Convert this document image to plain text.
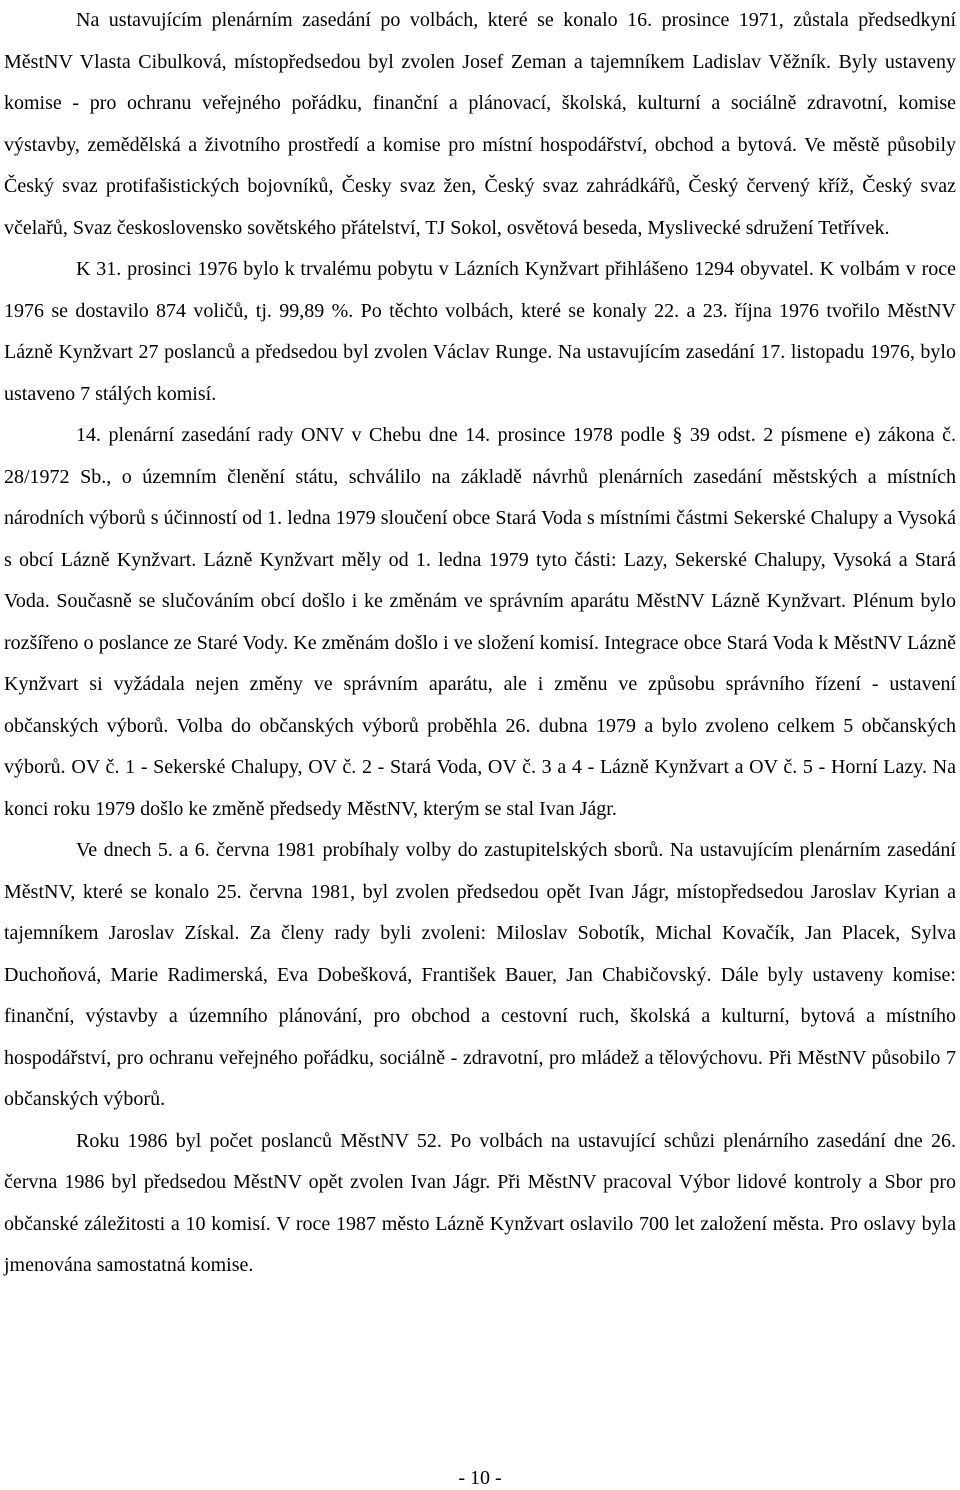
Na ustavujícím plenárním zasedání po volbách, které se konalo 16. prosince 1971, zůstala předsedkyní MěstNV Vlasta Cibulková, místopředsedou byl zvolen Josef Zeman a tajemníkem Ladislav Věžník. Byly ustaveny komise - pro ochranu veřejného pořádku, finanční a plánovací, školská, kulturní a sociálně zdravotní, komise výstavby, zemědělská a životního prostředí a komise pro místní hospodářství, obchod a bytová. Ve městě působily Český svaz protifašistických bojovníků, Česky svaz žen, Český svaz zahrádkářů, Český červený kříž, Český svaz včelařů, Svaz československo sovětského přátelství, TJ Sokol, osvětová beseda, Myslivecké sdružení Tetřívek.

K 31. prosinci 1976 bylo k trvalému pobytu v Lázních Kynžvart přihlášeno 1294 obyvatel. K volbám v roce 1976 se dostavilo 874 voličů, tj. 99,89 %. Po těchto volbách, které se konaly 22. a 23. října 1976 tvořilo MěstNV Lázně Kynžvart 27 poslanců a předsedou byl zvolen Václav Runge. Na ustavujícím zasedání 17. listopadu 1976, bylo ustaveno 7 stálých komisí.

14. plenární zasedání rady ONV v Chebu dne 14. prosince 1978 podle § 39 odst. 2 písmene e) zákona č. 28/1972 Sb., o územním členění státu, schválilo na základě návrhů plenárních zasedání městských a místních národních výborů s účinností od 1. ledna 1979 sloučení obce Stará Voda s místními částmi Sekerské Chalupy a Vysoká s obcí Lázně Kynžvart. Lázně Kynžvart měly od 1. ledna 1979 tyto části: Lazy, Sekerské Chalupy, Vysoká a Stará Voda. Současně se slučováním obcí došlo i ke změnám ve správním aparátu MěstNV Lázně Kynžvart. Plénum bylo rozšířeno o poslance ze Staré Vody. Ke změnám došlo i ve složení komisí. Integrace obce Stará Voda k MěstNV Lázně Kynžvart si vyžádala nejen změny ve správním aparátu, ale i změnu ve způsobu správního řízení - ustavení občanských výborů. Volba do občanských výborů proběhla 26. dubna 1979 a bylo zvoleno celkem 5 občanských výborů. OV č. 1 - Sekerské Chalupy, OV č. 2 - Stará Voda, OV č. 3 a 4 - Lázně Kynžvart a OV č. 5 - Horní Lazy. Na konci roku 1979 došlo ke změně předsedy MěstNV, kterým se stal Ivan Jágr.

Ve dnech 5. a 6. června 1981 probíhaly volby do zastupitelských sborů. Na ustavujícím plenárním zasedání MěstNV, které se konalo 25. června 1981, byl zvolen předsedou opět Ivan Jágr, místopředsedou Jaroslav Kyrian a tajemníkem Jaroslav Získal. Za členy rady byli zvoleni: Miloslav Sobotík, Michal Kovačík, Jan Placek, Sylva Duchoňová, Marie Radimerská, Eva Dobešková, František Bauer, Jan Chabičovský. Dále byly ustaveny komise: finanční, výstavby a územního plánování, pro obchod a cestovní ruch, školská a kulturní, bytová a místního hospodářství, pro ochranu veřejného pořádku, sociálně - zdravotní, pro mládež a tělovýchovu. Při MěstNV působilo 7 občanských výborů.

Roku 1986 byl počet poslanců MěstNV 52. Po volbách na ustavující schůzi plenárního zasedání dne 26. června 1986 byl předsedou MěstNV opět zvolen Ivan Jágr. Při MěstNV pracoval Výbor lidové kontroly a Sbor pro občanské záležitosti a 10 komisí. V roce 1987 město Lázně Kynžvart oslavilo 700 let založení města. Pro oslavy byla jmenována samostatná komise.

- 10 -
